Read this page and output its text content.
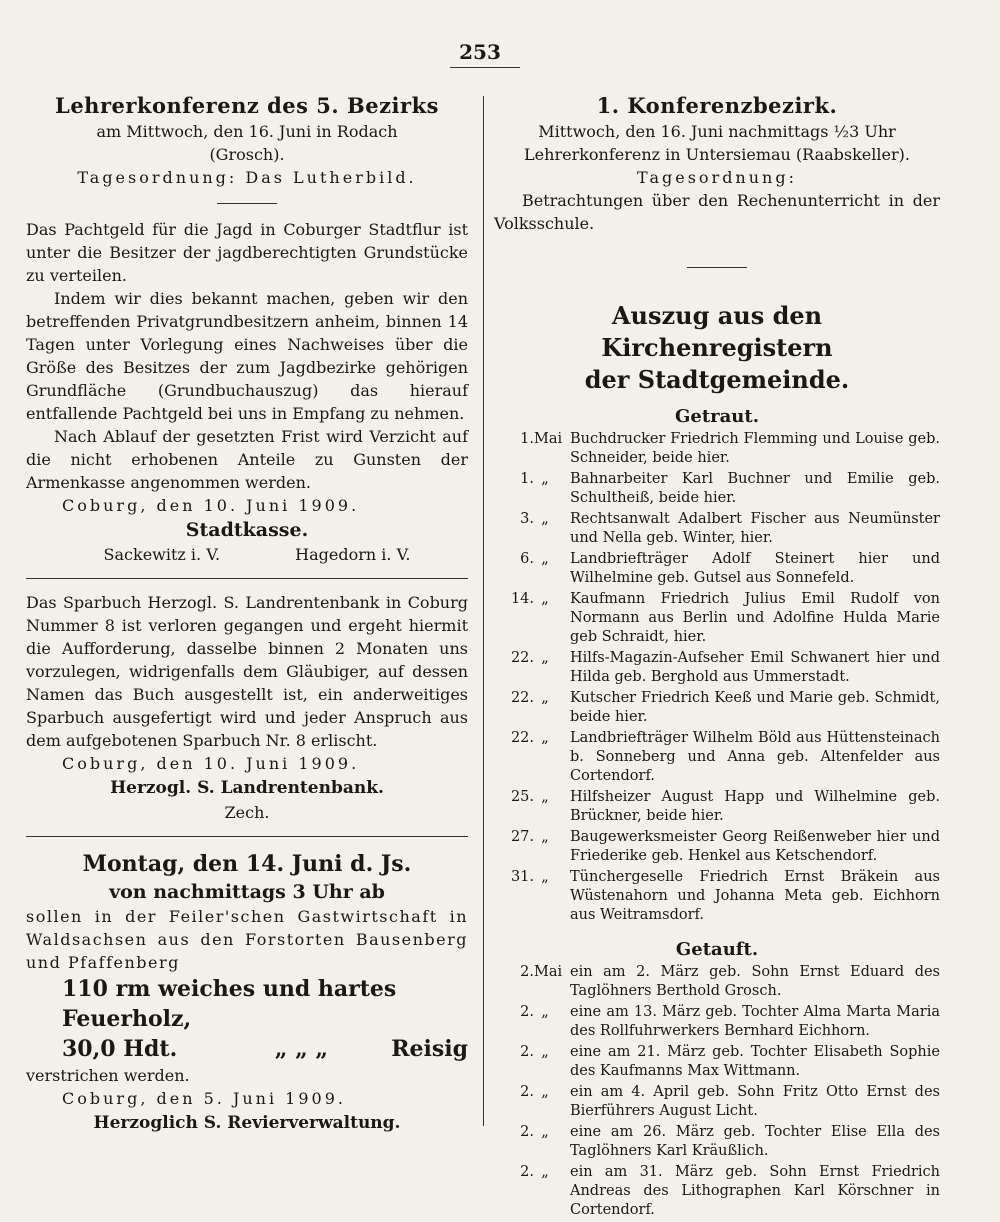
253

Lehrerkonferenz des 5. Bezirks

am Mittwoch, den 16. Juni in Rodach

(Grosch).

Tagesordnung: Das Lutherbild.

Das Pachtgeld für die Jagd in Coburger Stadtflur ist unter die Besitzer der jagdberechtigten Grundstücke zu verteilen.

Indem wir dies bekannt machen, geben wir den betreffenden Privatgrundbesitzern anheim, binnen 14 Tagen unter Vorlegung eines Nachweises über die Größe des Besitzes der zum Jagdbezirke gehörigen Grundfläche (Grundbuchauszug) das hierauf entfallende Pachtgeld bei uns in Empfang zu nehmen.

Nach Ablauf der gesetzten Frist wird Verzicht auf die nicht erhobenen Anteile zu Gunsten der Armenkasse angenommen werden.

Coburg, den 10. Juni 1909.

Stadtkasse.

Sackewitz i. V.	Hagedorn i. V.

Das Sparbuch Herzogl. S. Landrentenbank in Coburg Nummer 8 ist verloren gegangen und ergeht hiermit die Aufforderung, dasselbe binnen 2 Monaten uns vorzulegen, widrigenfalls dem Gläubiger, auf dessen Namen das Buch ausgestellt ist, ein anderweitiges Sparbuch ausgefertigt wird und jeder Anspruch aus dem aufgebotenen Sparbuch Nr. 8 erlischt.

Coburg, den 10. Juni 1909.

Herzogl. S. Landrentenbank.

Zech.

Montag, den 14. Juni d. Js.

von nachmittags 3 Uhr ab

sollen in der Feiler'schen Gastwirtschaft in Waldsachsen aus den Forstorten Bausenberg und Pfaffenberg

110 rm weiches und hartes Feuerholz,

30,0 Hdt.	„ „ „	Reisig

verstrichen werden.

Coburg, den 5. Juni 1909.

Herzoglich S. Revierverwaltung.

1. Konferenzbezirk.

Mittwoch, den 16. Juni nachmittags ½3 Uhr Lehrerkonferenz in Untersiemau (Raabskeller).

Tagesordnung:

Betrachtungen über den Rechenunterricht in der Volksschule.

Auszug aus den Kirchenregistern

der Stadtgemeinde.

Getraut.

1.Mai Buchdrucker Friedrich Flemming und Louise geb. Schneider, beide hier.
1. „	Bahnarbeiter Karl Buchner und Emilie geb. Schultheiß, beide hier.
3. „	Rechtsanwalt Adalbert Fischer aus Neumünster und Nella geb. Winter, hier.
6. „	Landbriefträger Adolf Steinert hier und Wilhelmine geb. Gutsel aus Sonnefeld.
14. „	Kaufmann Friedrich Julius Emil Rudolf von Normann aus Berlin und Adolfine Hulda Marie geb Schraidt, hier.
22. „	Hilfs-Magazin-Aufseher Emil Schwanert hier und Hilda geb. Berghold aus Ummerstadt.
22. „	Kutscher Friedrich Keeß und Marie geb. Schmidt, beide hier.
22. „	Landbriefträger Wilhelm Böld aus Hüttensteinach b. Sonneberg und Anna geb. Altenfelder aus Cortendorf.
25. „	Hilfsheizer August Happ und Wilhelmine geb. Brückner, beide hier.
27. „	Baugewerksmeister Georg Reißenweber hier und Friederike geb. Henkel aus Ketschendorf.
31. „	Tünchergeselle Friedrich Ernst Bräkein aus Wüstenahorn und Johanna Meta geb. Eichhorn aus Weitramsdorf.

Getauft.

2.Mai ein am 2. März geb. Sohn Ernst Eduard des Taglöhners Berthold Grosch.
2. „	eine am 13. März geb. Tochter Alma Marta Maria des Rollfuhrwerkers Bernhard Eichhorn.
2. „	eine am 21. März geb. Tochter Elisabeth Sophie des Kaufmanns Max Wittmann.
2. „	ein am 4. April geb. Sohn Fritz Otto Ernst des Bierführers August Licht.
2. „	eine am 26. März geb. Tochter Elise Ella des Taglöhners Karl Kräußlich.
2. „	ein am 31. März geb. Sohn Ernst Friedrich Andreas des Lithographen Karl Körschner in Cortendorf.
